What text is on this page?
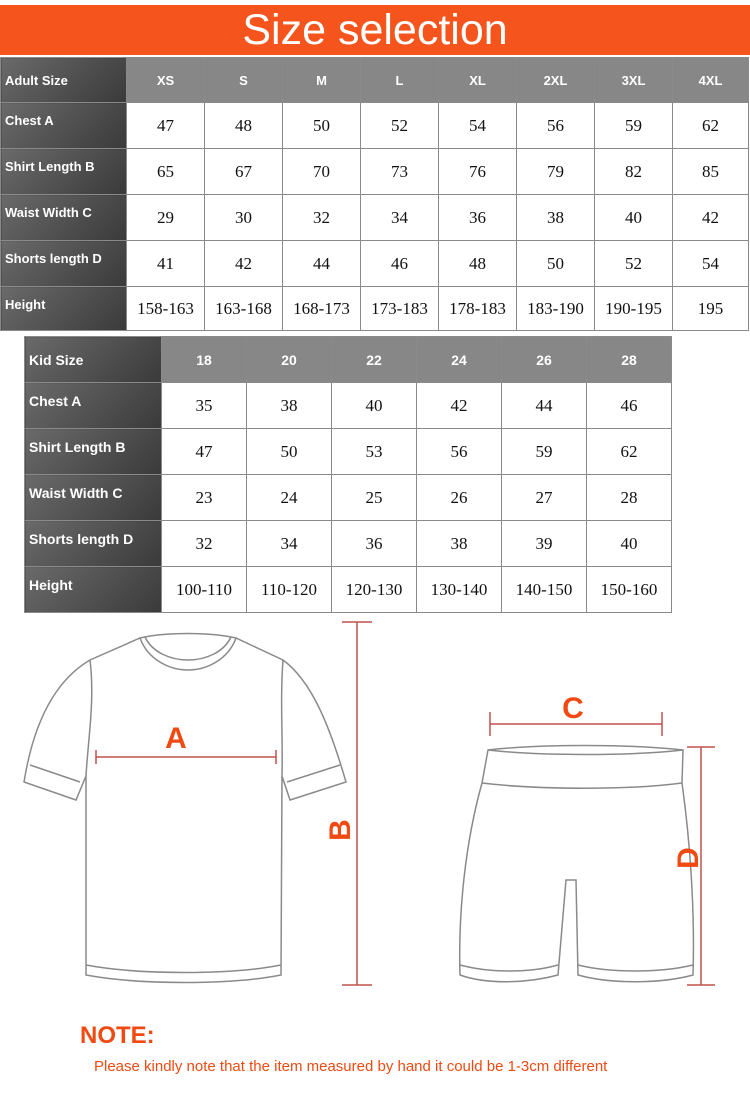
Size selection
Adult Size	XS	S	M	L	XL	2XL	3XL	4XL
Chest A	47	48	50	52	54	56	59	62
Shirt Length B	65	67	70	73	76	79	82	85
Waist Width C	29	30	32	34	36	38	40	42
Shorts length D	41	42	44	46	48	50	52	54
Height	158-163	163-168	168-173	173-183	178-183	183-190	190-195	195
Kid Size	18	20	22	24	26	28
Chest A	35	38	40	42	44	46
Shirt Length B	47	50	53	56	59	62
Waist Width C	23	24	25	26	27	28
Shorts length D	32	34	36	38	39	40
Height	100-110	110-120	120-130	130-140	140-150	150-160
A
B
C
D
NOTE:
Please kindly note that the item measured by hand it could be 1-3cm different
